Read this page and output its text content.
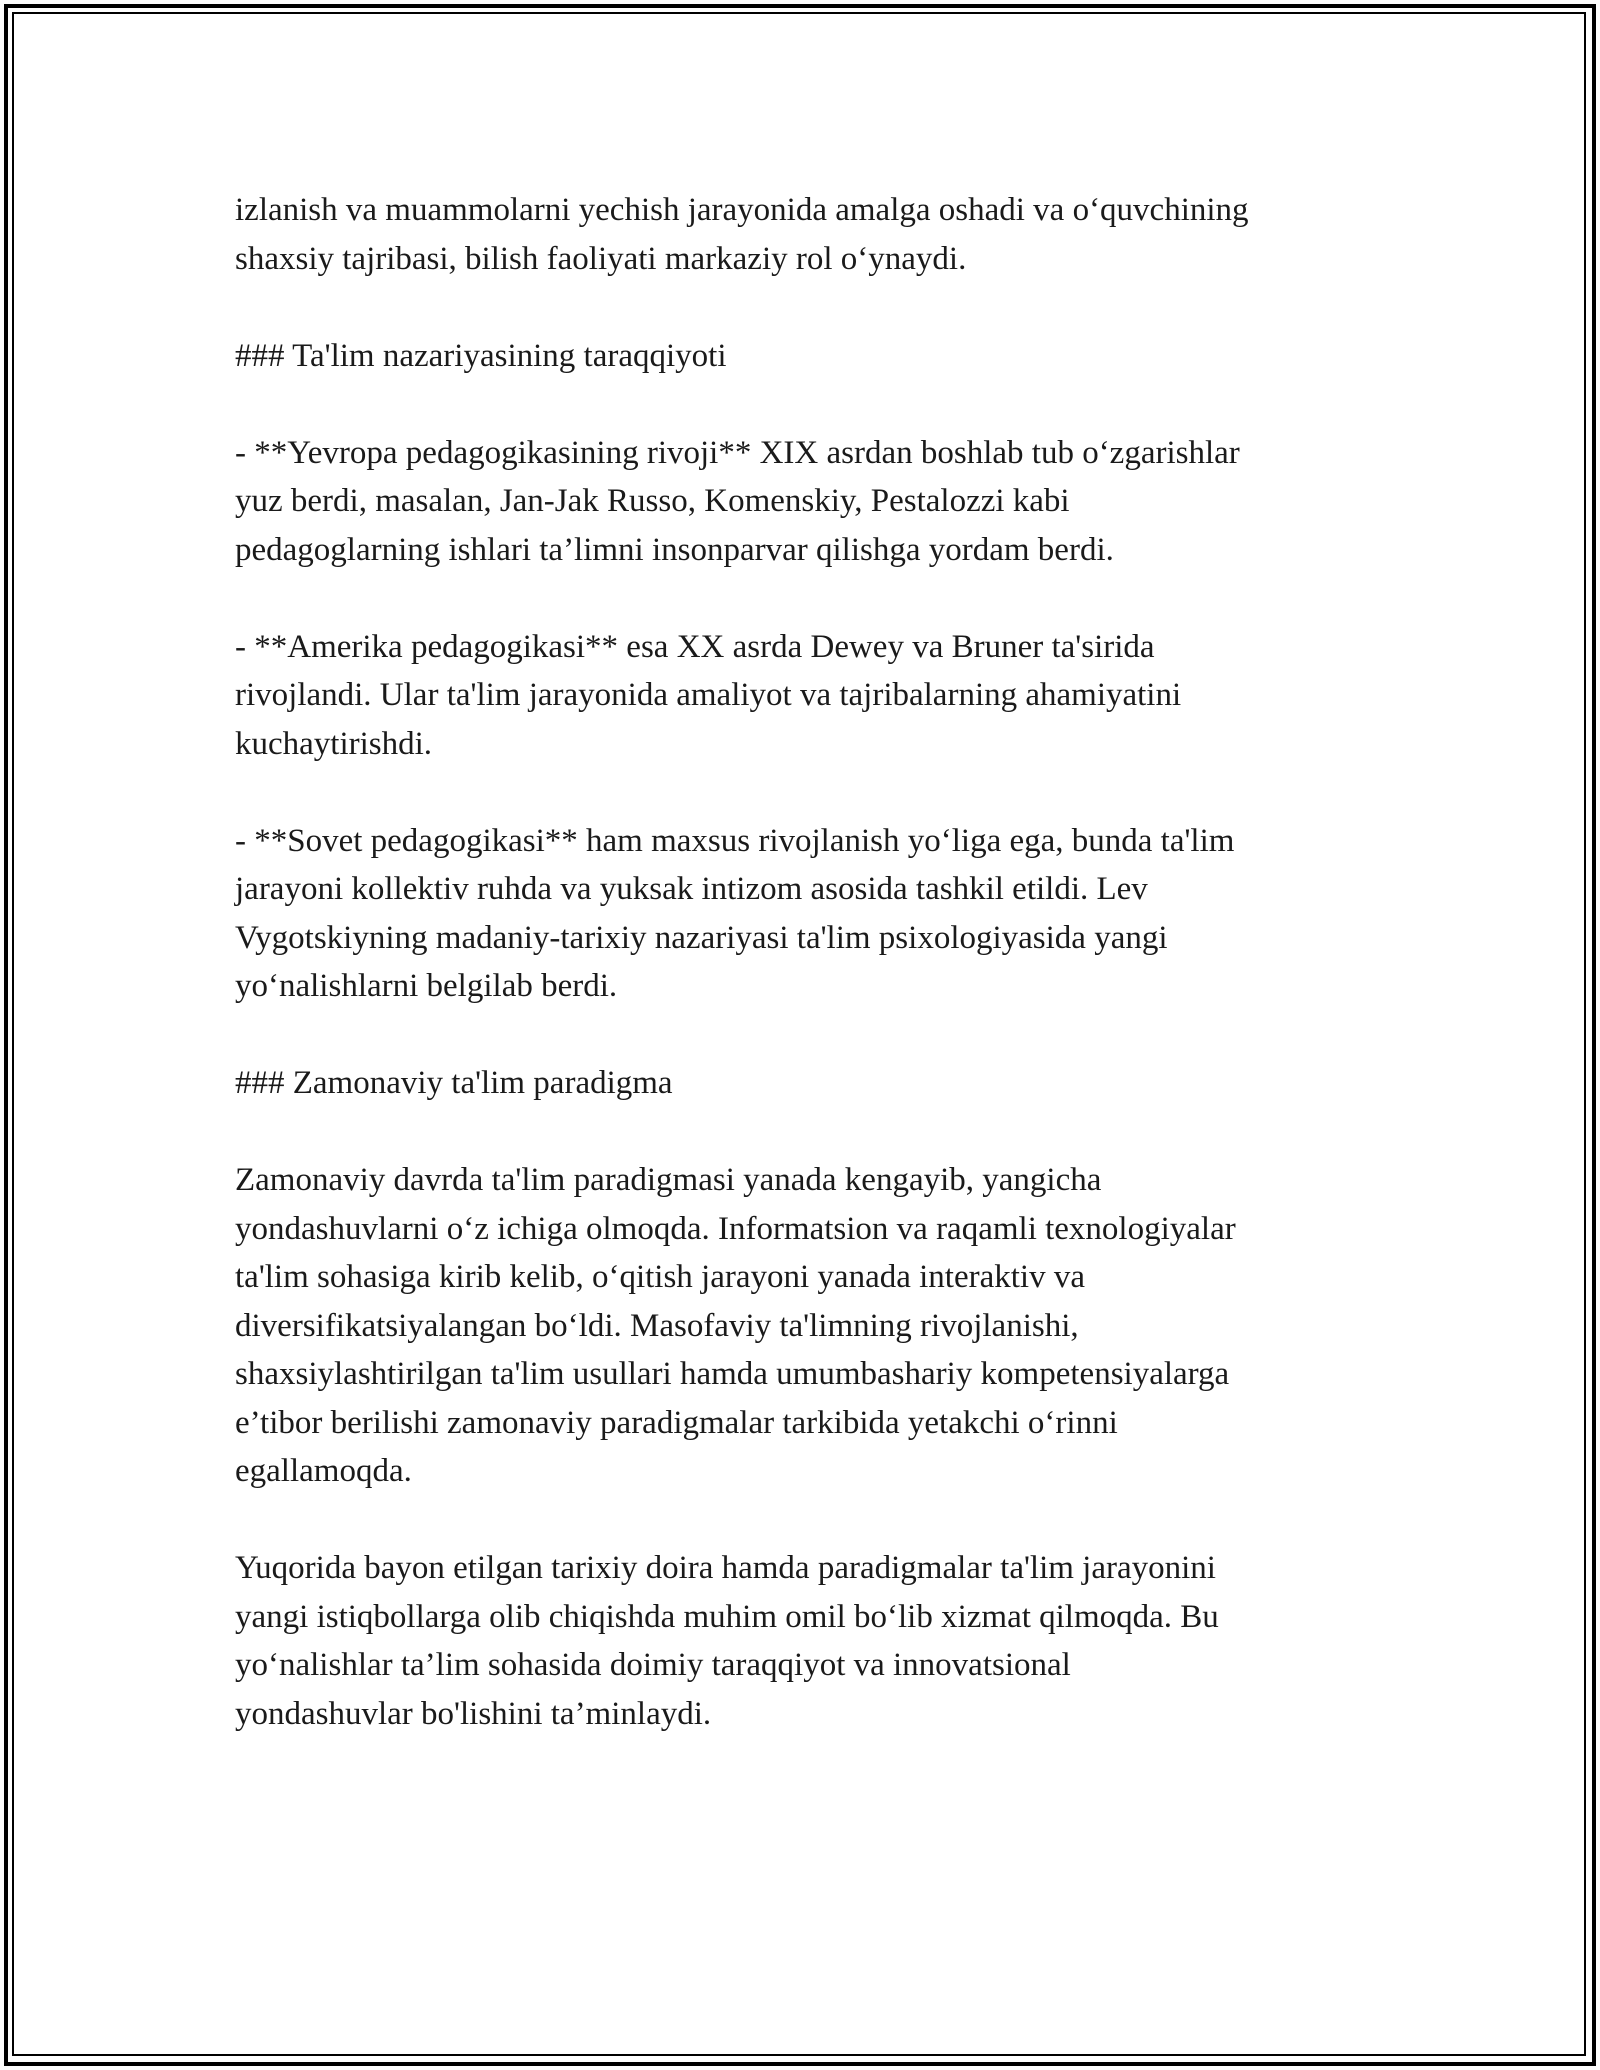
izlanish va muammolarni yechish jarayonida amalga oshadi va o‘quvchining
shaxsiy tajribasi, bilish faoliyati markaziy rol o‘ynaydi.
### Ta'lim nazariyasining taraqqiyoti
- **Yevropa pedagogikasining rivoji** XIX asrdan boshlab tub o‘zgarishlar
yuz berdi, masalan, Jan-Jak Russo, Komenskiy, Pestalozzi kabi
pedagoglarning ishlari ta’limni insonparvar qilishga yordam berdi.
- **Amerika pedagogikasi** esa XX asrda Dewey va Bruner ta'sirida
rivojlandi. Ular ta'lim jarayonida amaliyot va tajribalarning ahamiyatini
kuchaytirishdi.
- **Sovet pedagogikasi** ham maxsus rivojlanish yo‘liga ega, bunda ta'lim
jarayoni kollektiv ruhda va yuksak intizom asosida tashkil etildi. Lev
Vygotskiyning madaniy-tarixiy nazariyasi ta'lim psixologiyasida yangi
yo‘nalishlarni belgilab berdi.
### Zamonaviy ta'lim paradigma
Zamonaviy davrda ta'lim paradigmasi yanada kengayib, yangicha
yondashuvlarni o‘z ichiga olmoqda. Informatsion va raqamli texnologiyalar
ta'lim sohasiga kirib kelib, o‘qitish jarayoni yanada interaktiv va
diversifikatsiyalangan bo‘ldi. Masofaviy ta'limning rivojlanishi,
shaxsiylashtirilgan ta'lim usullari hamda umumbashariy kompetensiyalarga
e’tibor berilishi zamonaviy paradigmalar tarkibida yetakchi o‘rinni
egallamoqda.
Yuqorida bayon etilgan tarixiy doira hamda paradigmalar ta'lim jarayonini
yangi istiqbollarga olib chiqishda muhim omil bo‘lib xizmat qilmoqda. Bu
yo‘nalishlar ta’lim sohasida doimiy taraqqiyot va innovatsional
yondashuvlar bo'lishini ta’minlaydi.
